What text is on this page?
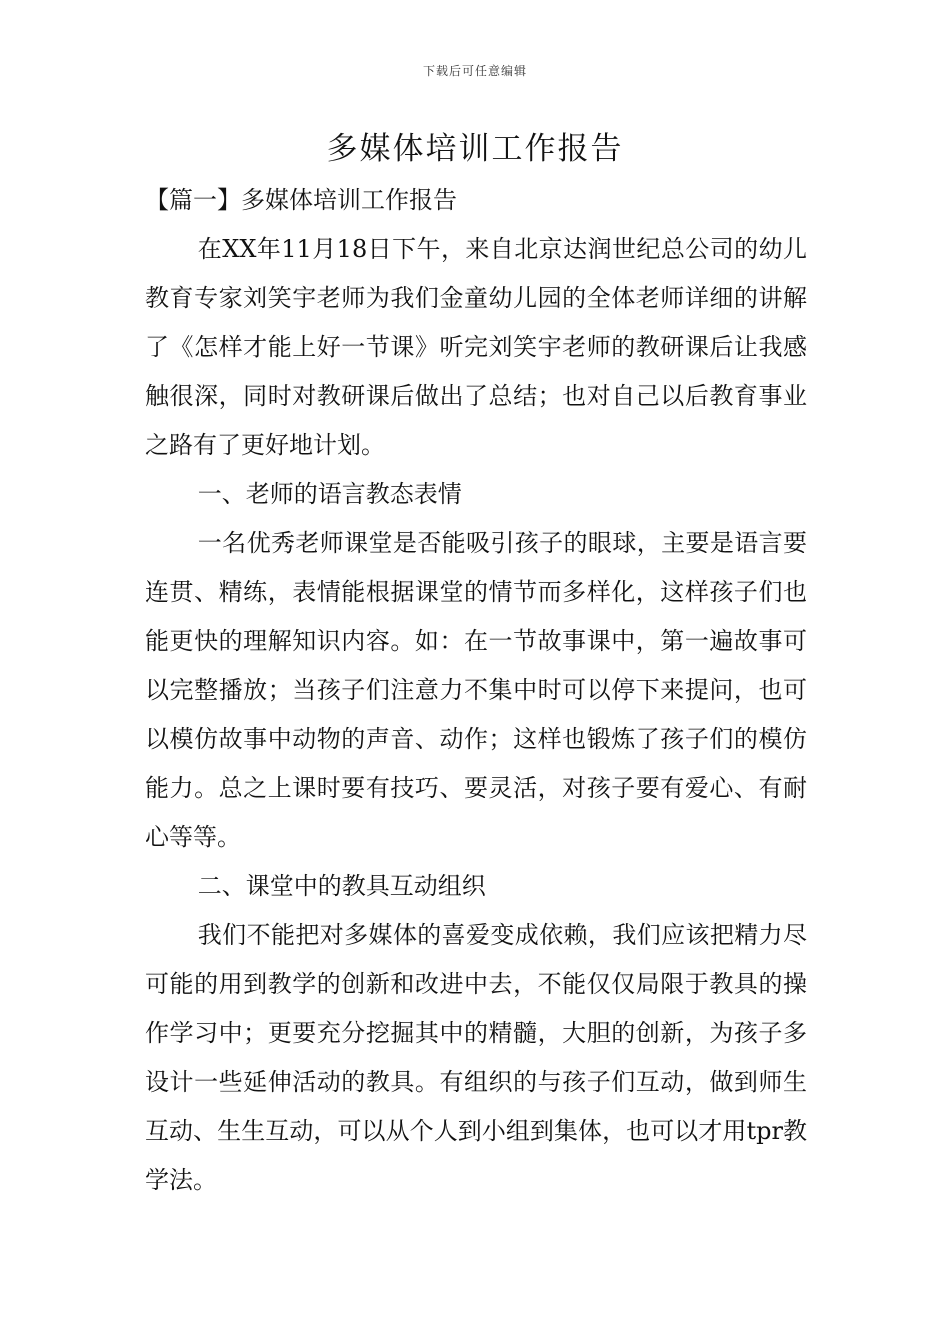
下载后可任意编辑
多媒体培训工作报告

【篇一】多媒体培训工作报告

在XX年11月18日下午，来自北京达润世纪总公司的幼儿教育专家刘笑宇老师为我们金童幼儿园的全体老师详细的讲解了《怎样才能上好一节课》听完刘笑宇老师的教研课后让我感触很深，同时对教研课后做出了总结；也对自己以后教育事业之路有了更好地计划。

一、老师的语言教态表情

一名优秀老师课堂是否能吸引孩子的眼球，主要是语言要连贯、精练，表情能根据课堂的情节而多样化，这样孩子们也能更快的理解知识内容。如：在一节故事课中，第一遍故事可以完整播放；当孩子们注意力不集中时可以停下来提问，也可以模仿故事中动物的声音、动作；这样也锻炼了孩子们的模仿能力。总之上课时要有技巧、要灵活，对孩子要有爱心、有耐心等等。

二、课堂中的教具互动组织

我们不能把对多媒体的喜爱变成依赖，我们应该把精力尽可能的用到教学的创新和改进中去，不能仅仅局限于教具的操作学习中；更要充分挖掘其中的精髓，大胆的创新，为孩子多设计一些延伸活动的教具。有组织的与孩子们互动，做到师生互动、生生互动，可以从个人到小组到集体，也可以才用tpr教学法。
